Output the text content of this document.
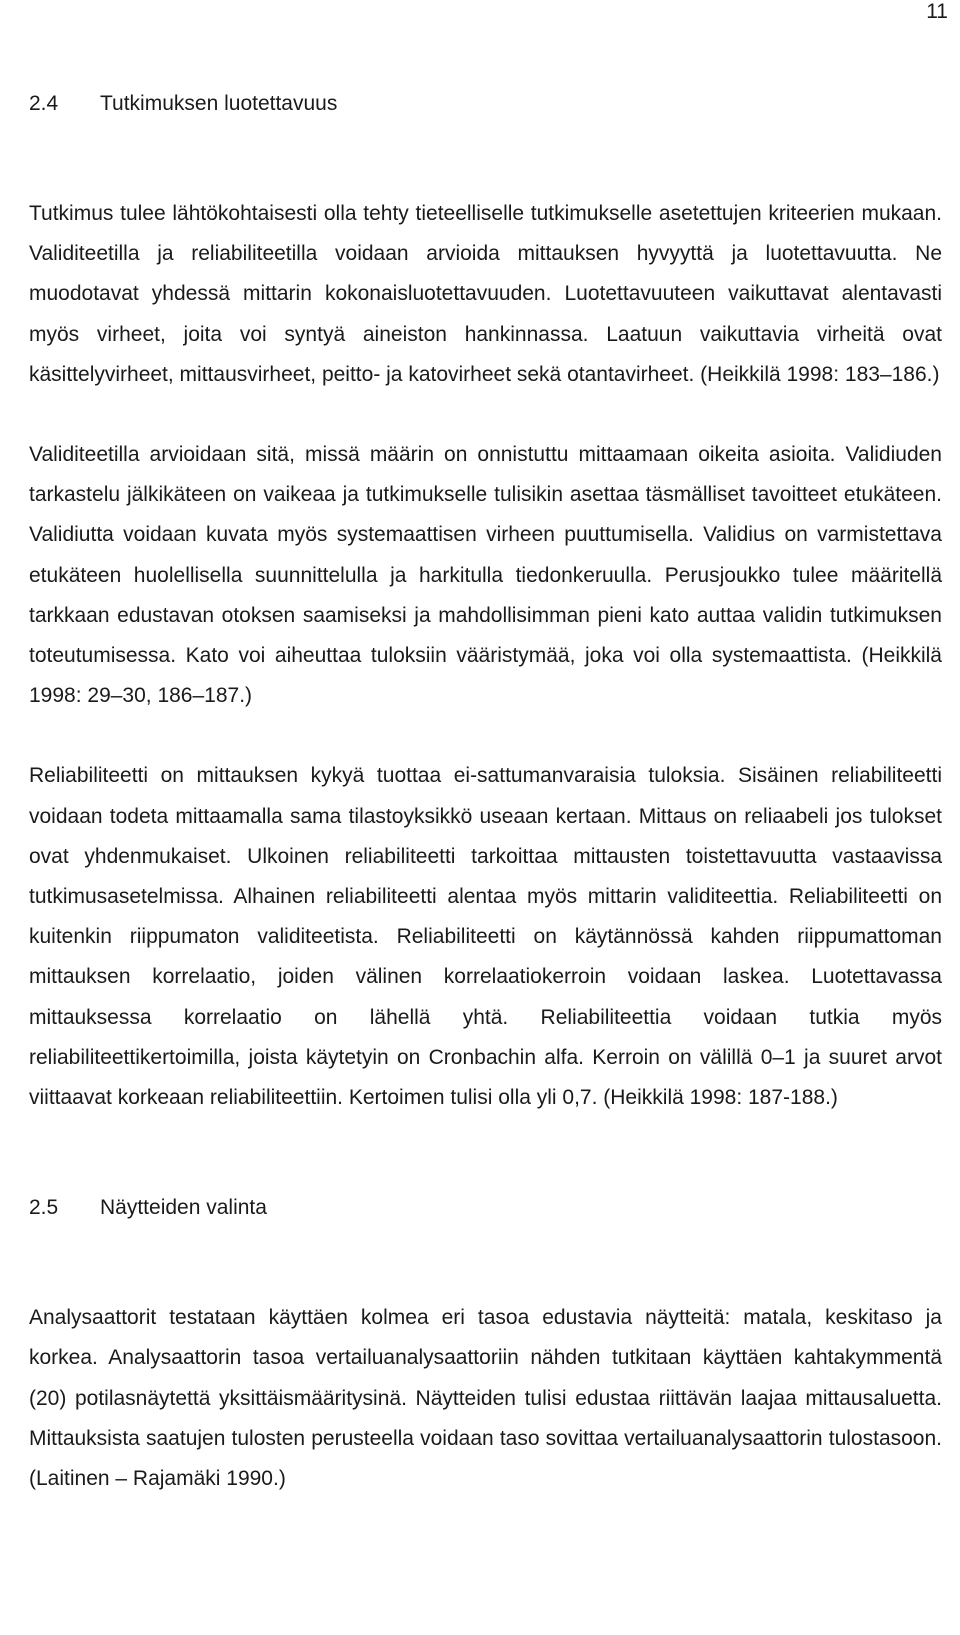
11
2.4 Tutkimuksen luotettavuus

Tutkimus tulee lähtökohtaisesti olla tehty tieteelliselle tutkimukselle asetettujen kriteerien mukaan. Validiteetilla ja reliabiliteetilla voidaan arvioida mittauksen hyvyyttä ja luotettavuutta. Ne muodotavat yhdessä mittarin kokonaisluotettavuuden. Luotettavuuteen vaikuttavat alentavasti myös virheet, joita voi syntyä aineiston hankinnassa. Laatuun vaikuttavia virheitä ovat käsittelyvirheet, mittausvirheet, peitto- ja katovirheet sekä otantavirheet. (Heikkilä 1998: 183–186.)

Validiteetilla arvioidaan sitä, missä määrin on onnistuttu mittaamaan oikeita asioita. Validiuden tarkastelu jälkikäteen on vaikeaa ja tutkimukselle tulisikin asettaa täsmälliset tavoitteet etukäteen. Validiutta voidaan kuvata myös systemaattisen virheen puuttumisella. Validius on varmistettava etukäteen huolellisella suunnittelulla ja harkitulla tiedonkeruulla. Perusjoukko tulee määritellä tarkkaan edustavan otoksen saamiseksi ja mahdollisimman pieni kato auttaa validin tutkimuksen toteutumisessa. Kato voi aiheuttaa tuloksiin vääristymää, joka voi olla systemaattista. (Heikkilä 1998: 29–30, 186–187.)

Reliabiliteetti on mittauksen kykyä tuottaa ei-sattumanvaraisia tuloksia. Sisäinen reliabiliteetti voidaan todeta mittaamalla sama tilastoyksikkö useaan kertaan. Mittaus on reliaabeli jos tulokset ovat yhdenmukaiset. Ulkoinen reliabiliteetti tarkoittaa mittausten toistettavuutta vastaavissa tutkimusasetelmissa. Alhainen reliabiliteetti alentaa myös mittarin validiteettia. Reliabiliteetti on kuitenkin riippumaton validiteetista. Reliabiliteetti on käytännössä kahden riippumattoman mittauksen korrelaatio, joiden välinen korrelaatiokerroin voidaan laskea. Luotettavassa mittauksessa korrelaatio on lähellä yhtä. Reliabiliteettia voidaan tutkia myös reliabiliteettikertoimilla, joista käytetyin on Cronbachin alfa. Kerroin on välillä 0–1 ja suuret arvot viittaavat korkeaan reliabiliteettiin. Kertoimen tulisi olla yli 0,7. (Heikkilä 1998: 187-188.)

2.5 Näytteiden valinta

Analysaattorit testataan käyttäen kolmea eri tasoa edustavia näytteitä: matala, keskitaso ja korkea. Analysaattorin tasoa vertailuanalysaattoriin nähden tutkitaan käyttäen kahtakymmentä (20) potilasnäytettä yksittäismääritysinä. Näytteiden tulisi edustaa riittävän laajaa mittausaluetta. Mittauksista saatujen tulosten perusteella voidaan taso sovittaa vertailuanalysaattorin tulostasoon. (Laitinen – Rajamäki 1990.)
